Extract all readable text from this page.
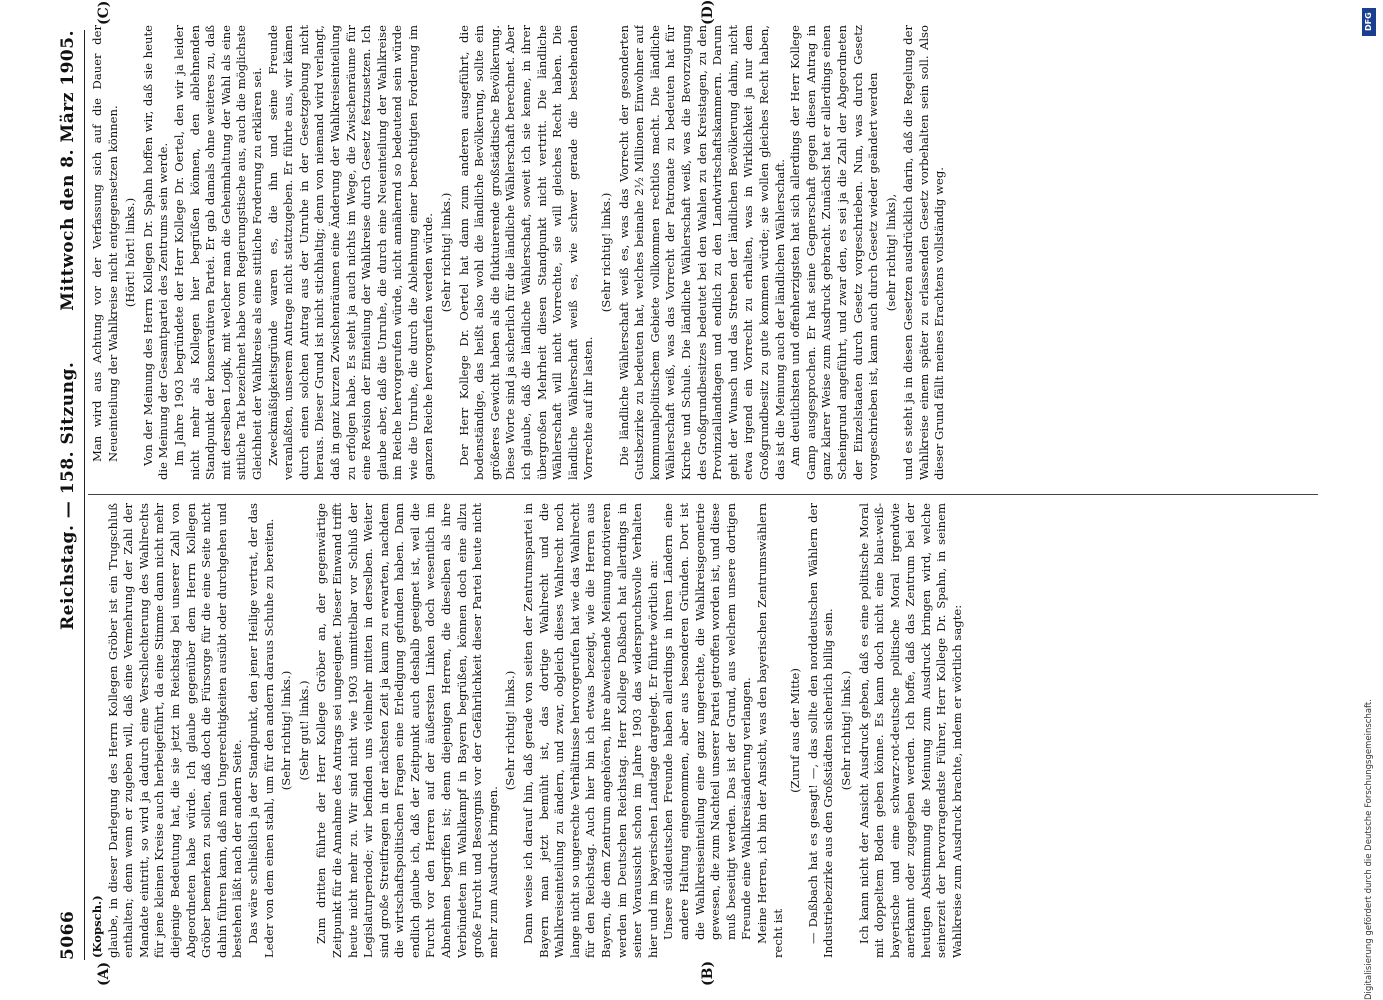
5066
Reichstag. — 158. Sitzung.
Mittwoch den 8. März 1905.
(A)	(B)
(C)	(D)

(Kopsch.) glaube, in dieser Darlegung des Herrn Kollegen Gröber ist ein Trugschluß enthalten; denn wenn er zugeben will, daß eine Vermehrung der Zahl der Mandate eintritt, so wird ja dadurch eine Verschlechterung des Wahlrechts für jene kleinen Kreise auch herbeigeführt, da eine Stimme dann nicht mehr diejenige Bedeutung hat, die sie jetzt im Reichstag bei unserer Zahl von Abgeordneten habe würde. Ich glaube gegenüber dem Herrn Kollegen Gröber bemerken zu sollen, daß doch die Fürsorge für die eine Seite nicht dahin führen kann, daß man Ungerechtigkeiten ausübt oder durchgehen und bestehen läßt nach der andern Seite. Das wäre schließlich ja der Standpunkt, den jener Heilige vertrat, der das Leder von dem einen stahl, um für den andern daraus Schuhe zu bereiten. (Sehr richtig! links.) (Sehr gut! links.) Zum dritten führte der Herr Kollege Gröber an, der gegenwärtige Zeitpunkt für die Annahme des Antrags sei ungeeignet. Dieser Einwand trifft heute nicht mehr zu. Wir sind nicht wie 1903 unmittelbar vor Schluß der Legislaturperiode; wir befinden uns vielmehr mitten in derselben. Weiter sind große Streitfragen in der nächsten Zeit ja kaum zu erwarten, nachdem die wirtschaftspolitischen Fragen eine Erledigung gefunden haben. Dann endlich glaube ich, daß der Zeitpunkt auch deshalb geeignet ist, weil die Furcht vor den Herren auf der äußersten Linken doch wesentlich im Abnehmen begriffen ist; denn diejenigen Herren, die dieselben als ihre Verbündeten im Wahlkampf in Bayern begrüßen, können doch eine allzu große Furcht und Besorgnis vor der Gefährlichkeit dieser Partei heute nicht mehr zum Ausdruck bringen.

(Sehr richtig! links.) Dann weise ich darauf hin, daß gerade von seiten der Zentrumspartei in Bayern man jetzt bemüht ist, das dortige Wahlrecht und die Wahlkreiseinteilung zu ändern, und zwar, obgleich dieses Wahlrecht noch lange nicht so ungerechte Verhältnisse hervorgerufen hat wie das Wahlrecht für den Reichstag. Auch hier bin ich etwas bezeigt, wie die Herren aus Bayern, die dem Zentrum angehören, ihre abweichende Meinung motivieren werden im Deutschen Reichstag. Herr Kollege Daßbach hat allerdings in seiner Voraussicht schon im Jahre 1903 das widerspruchsvolle Verhalten hier und im bayerischen Landtage dargelegt. Er führte wörtlich an: Unsere süddeutschen Freunde haben allerdings in ihren Ländern eine andere Haltung eingenommen, aber aus besonderen Gründen. Dort ist die Wahlkreiseinteilung eine ganz ungerechte, die Wahlkreisgeometrie gewesen, die zum Nachteil unserer Partei getroffen worden ist, und diese muß beseitigt werden. Das ist der Grund, aus welchem unsere dortigen Freunde eine Wahlkreisänderung verlangen. Meine Herren, ich bin der Ansicht, was den bayerischen Zentrumswählern recht ist

(Zuruf aus der Mitte) — Daßbach hat es gesagt! —, das sollte den norddeutschen Wählern der Industriebezirke aus den Großstädten sicherlich billig sein. (Sehr richtig! links.) Ich kann nicht der Ansicht Ausdruck geben, daß es eine politische Moral mit doppeltem Boden geben könne. Es kann doch nicht eine blau-weiß-bayerische und eine schwarz-rot-deutsche politische Moral irgendwie anerkannt oder zugegeben werden. Ich hoffe, daß das Zentrum bei der heutigen Abstimmung die Meinung zum Ausdruck bringen wird, welche seinerzeit der hervorragendste Führer, Herr Kollege Dr. Spahn, in seinem Wahlkreise zum Ausdruck brachte, indem er wörtlich sagte:

Man wird aus Achtung vor der Verfassung sich auf die Dauer der Neueinteilung der Wahlkreise nicht entgegensetzen können. (Hört! hört! links.) Von der Meinung des Herrn Kollegen Dr. Spahn hoffen wir, daß sie heute die Meinung der Gesamtpartei des Zentrums sein werde. Im Jahre 1903 begründete der Herr Kollege Dr. Oertel, den wir ja leider nicht mehr als Kollegen hier begrüßen können, den ablehnenden Standpunkt der konservativen Partei. Er gab damals ohne weiteres zu, daß mit derselben Logik, mit welcher man die Geheimhaltung der Wahl als eine sittliche Tat bezeichnet habe vom Regierungstische aus, auch die möglichste Gleichheit der Wahlkreise als eine sittliche Forderung zu erklären sei. Zweckmäßigkeitsgründe waren es, die ihn und seine Freunde veranlaßten, unserem Antrage nicht stattzugeben. Er führte aus, wir kämen durch einen solchen Antrag aus der Unruhe in der Gesetzgebung nicht heraus. Dieser Grund ist nicht stichhaltig; denn von niemand wird verlangt, daß in ganz kurzen Zwischenräumen eine Änderung der Wahlkreiseinteilung zu erfolgen habe. Es steht ja auch nichts im Wege, die Zwischenräume für eine Revision der Einteilung der Wahlkreise durch Gesetz festzusetzen. Ich glaube aber, daß die Unruhe, die durch eine Neueinteilung der Wahlkreise im Reiche hervorgerufen würde, nicht annähernd so bedeutend sein würde wie die Unruhe, die durch die Ablehnung einer berechtigten Forderung im ganzen Reiche hervorgerufen werden würde. (Sehr richtig! links.) Der Herr Kollege Dr. Oertel hat dann zum anderen ausgeführt, die bodenständige, das heißt also wohl die ländliche Bevölkerung, sollte ein größeres Gewicht haben als die fluktuierende großstädtische Bevölkerung. Diese Worte sind ja sicherlich für die ländliche Wählerschaft berechnet. Aber ich glaube, daß die ländliche Wählerschaft, soweit ich sie kenne, in ihrer übergroßen Mehrheit diesen Standpunkt nicht vertritt. Die ländliche Wählerschaft will nicht Vorrechte, sie will gleiches Recht haben. Die ländliche Wählerschaft weiß es, wie schwer gerade die bestehenden Vorrechte auf ihr lasten.

(Sehr richtig! links.) Die ländliche Wählerschaft weiß es, was das Vorrecht der gesonderten Gutsbezirke zu bedeuten hat, welches beinahe 2½ Millionen Einwohner auf kommunalpolitischem Gebiete vollkommen rechtlos macht. Die ländliche Wählerschaft weiß, was das Vorrecht der Patronate zu bedeuten hat für Kirche und Schule. Die ländliche Wählerschaft weiß, was die Bevorzugung des Großgrundbesitzes bedeutet bei den Wahlen zu den Kreistagen, zu den Provinziallandtagen und endlich zu den Landwirtschaftskammern. Darum geht der Wunsch und das Streben der ländlichen Bevölkerung dahin, nicht etwa irgend ein Vorrecht zu erhalten, was in Wirklichkeit ja nur dem Großgrundbesitz zu gute kommen würde; sie wollen gleiches Recht haben, das ist die Meinung auch der ländlichen Wählerschaft. Am deutlichsten und offenherzigsten hat sich allerdings der Herr Kollege Gamp ausgesprochen. Er hat seine Gegnerschaft gegen diesen Antrag in ganz klarer Weise zum Ausdruck gebracht. Zunächst hat er allerdings einen Scheingrund angeführt, und zwar den, es sei ja die Zahl der Abgeordneten der Einzelstaaten durch Gesetz vorgeschrieben. Nun, was durch Gesetz vorgeschrieben ist, kann auch durch Gesetz wieder geändert werden (sehr richtig! links), und es steht ja in diesen Gesetzen ausdrücklich darin, daß die Regelung der Wahlkreise einem später zu erlassenden Gesetz vorbehalten sein soll. Also dieser Grund fällt meines Erachtens vollständig weg.

DFG
Digitalisierung gefördert durch die Deutsche Forschungsgemeinschaft.
